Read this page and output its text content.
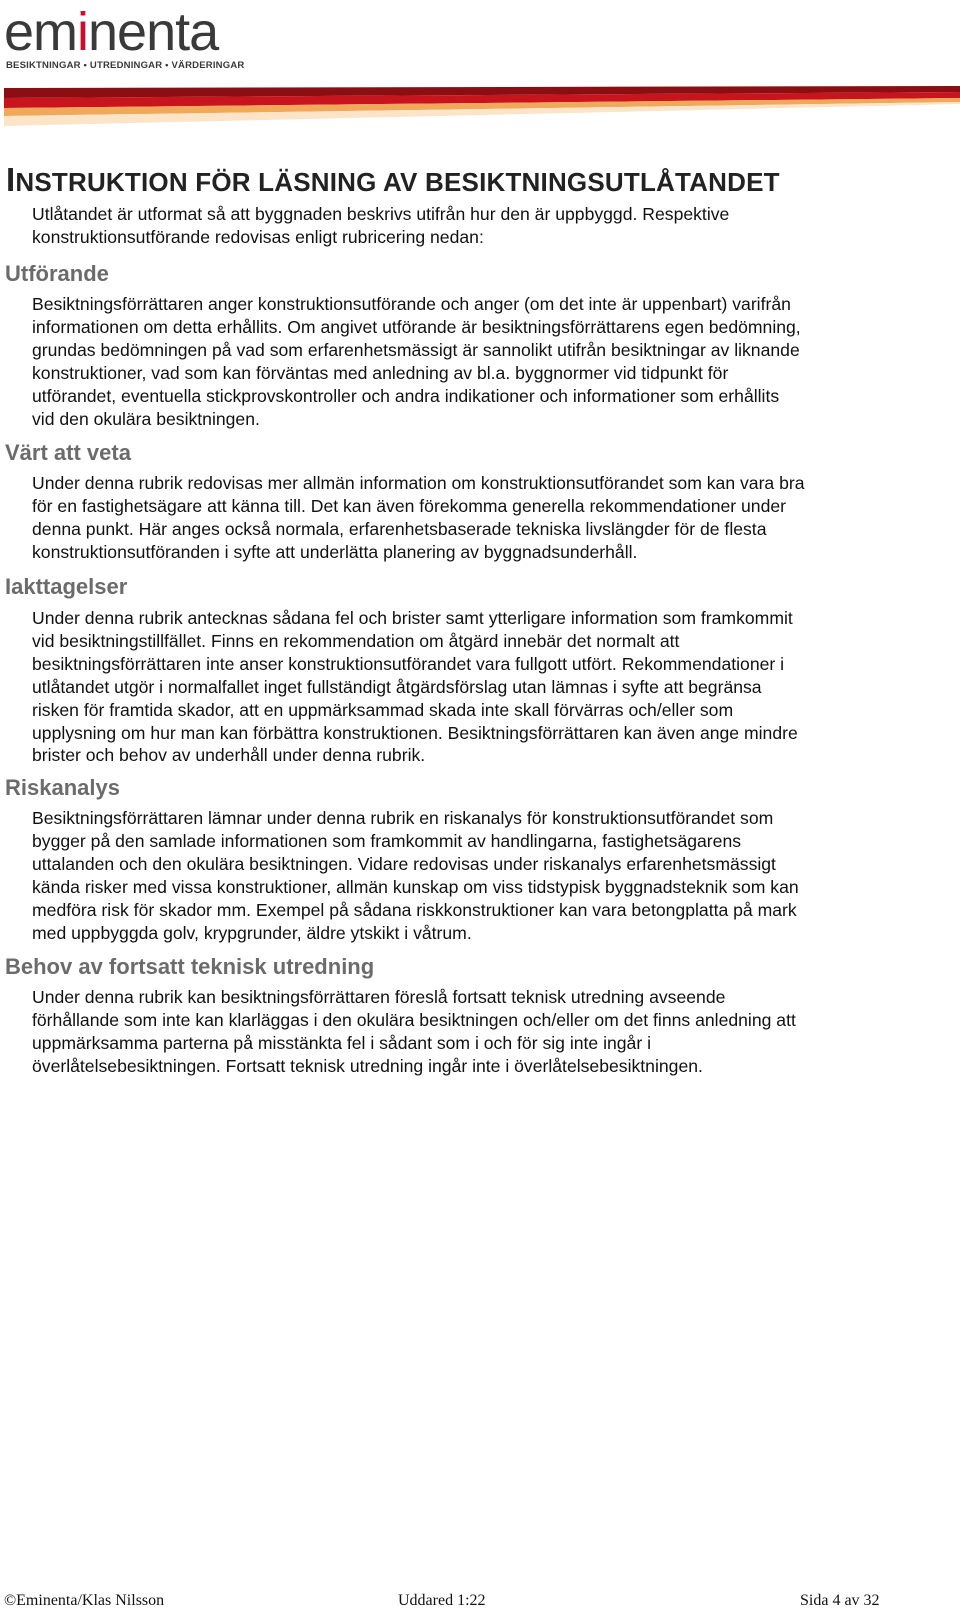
eminenta
BESIKTNINGAR • UTREDNINGAR • VÄRDERINGAR
INSTRUKTION FÖR LÄSNING AV BESIKTNINGSUTLÅTANDET

Utlåtandet är utformat så att byggnaden beskrivs utifrån hur den är uppbyggd. Respektive
konstruktionsutförande redovisas enligt rubricering nedan:

Utförande

Besiktningsförrättaren anger konstruktionsutförande och anger (om det inte är uppenbart) varifrån
informationen om detta erhållits. Om angivet utförande är besiktningsförrättarens egen bedömning,
grundas bedömningen på vad som erfarenhetsmässigt är sannolikt utifrån besiktningar av liknande
konstruktioner, vad som kan förväntas med anledning av bl.a. byggnormer vid tidpunkt för
utförandet, eventuella stickprovskontroller och andra indikationer och informationer som erhållits
vid den okulära besiktningen.

Värt att veta

Under denna rubrik redovisas mer allmän information om konstruktionsutförandet som kan vara bra
för en fastighetsägare att känna till. Det kan även förekomma generella rekommendationer under
denna punkt. Här anges också normala, erfarenhetsbaserade tekniska livslängder för de flesta
konstruktionsutföranden i syfte att underlätta planering av byggnadsunderhåll.

Iakttagelser

Under denna rubrik antecknas sådana fel och brister samt ytterligare information som framkommit
vid besiktningstillfället. Finns en rekommendation om åtgärd innebär det normalt att
besiktningsförrättaren inte anser konstruktionsutförandet vara fullgott utfört. Rekommendationer i
utlåtandet utgör i normalfallet inget fullständigt åtgärdsförslag utan lämnas i syfte att begränsa
risken för framtida skador, att en uppmärksammad skada inte skall förvärras och/eller som
upplysning om hur man kan förbättra konstruktionen. Besiktningsförrättaren kan även ange mindre
brister och behov av underhåll under denna rubrik.

Riskanalys

Besiktningsförrättaren lämnar under denna rubrik en riskanalys för konstruktionsutförandet som
bygger på den samlade informationen som framkommit av handlingarna, fastighetsägarens
uttalanden och den okulära besiktningen. Vidare redovisas under riskanalys erfarenhetsmässigt
kända risker med vissa konstruktioner, allmän kunskap om viss tidstypisk byggnadsteknik som kan
medföra risk för skador mm. Exempel på sådana riskkonstruktioner kan vara betongplatta på mark
med uppbyggda golv, krypgrunder, äldre ytskikt i våtrum.

Behov av fortsatt teknisk utredning

Under denna rubrik kan besiktningsförrättaren föreslå fortsatt teknisk utredning avseende
förhållande som inte kan klarläggas i den okulära besiktningen och/eller om det finns anledning att
uppmärksamma parterna på misstänkta fel i sådant som i och för sig inte ingår i
överlåtelsebesiktningen. Fortsatt teknisk utredning ingår inte i överlåtelsebesiktningen.

©Eminenta/Klas Nilsson	Uddared 1:22	Sida 4 av 32
